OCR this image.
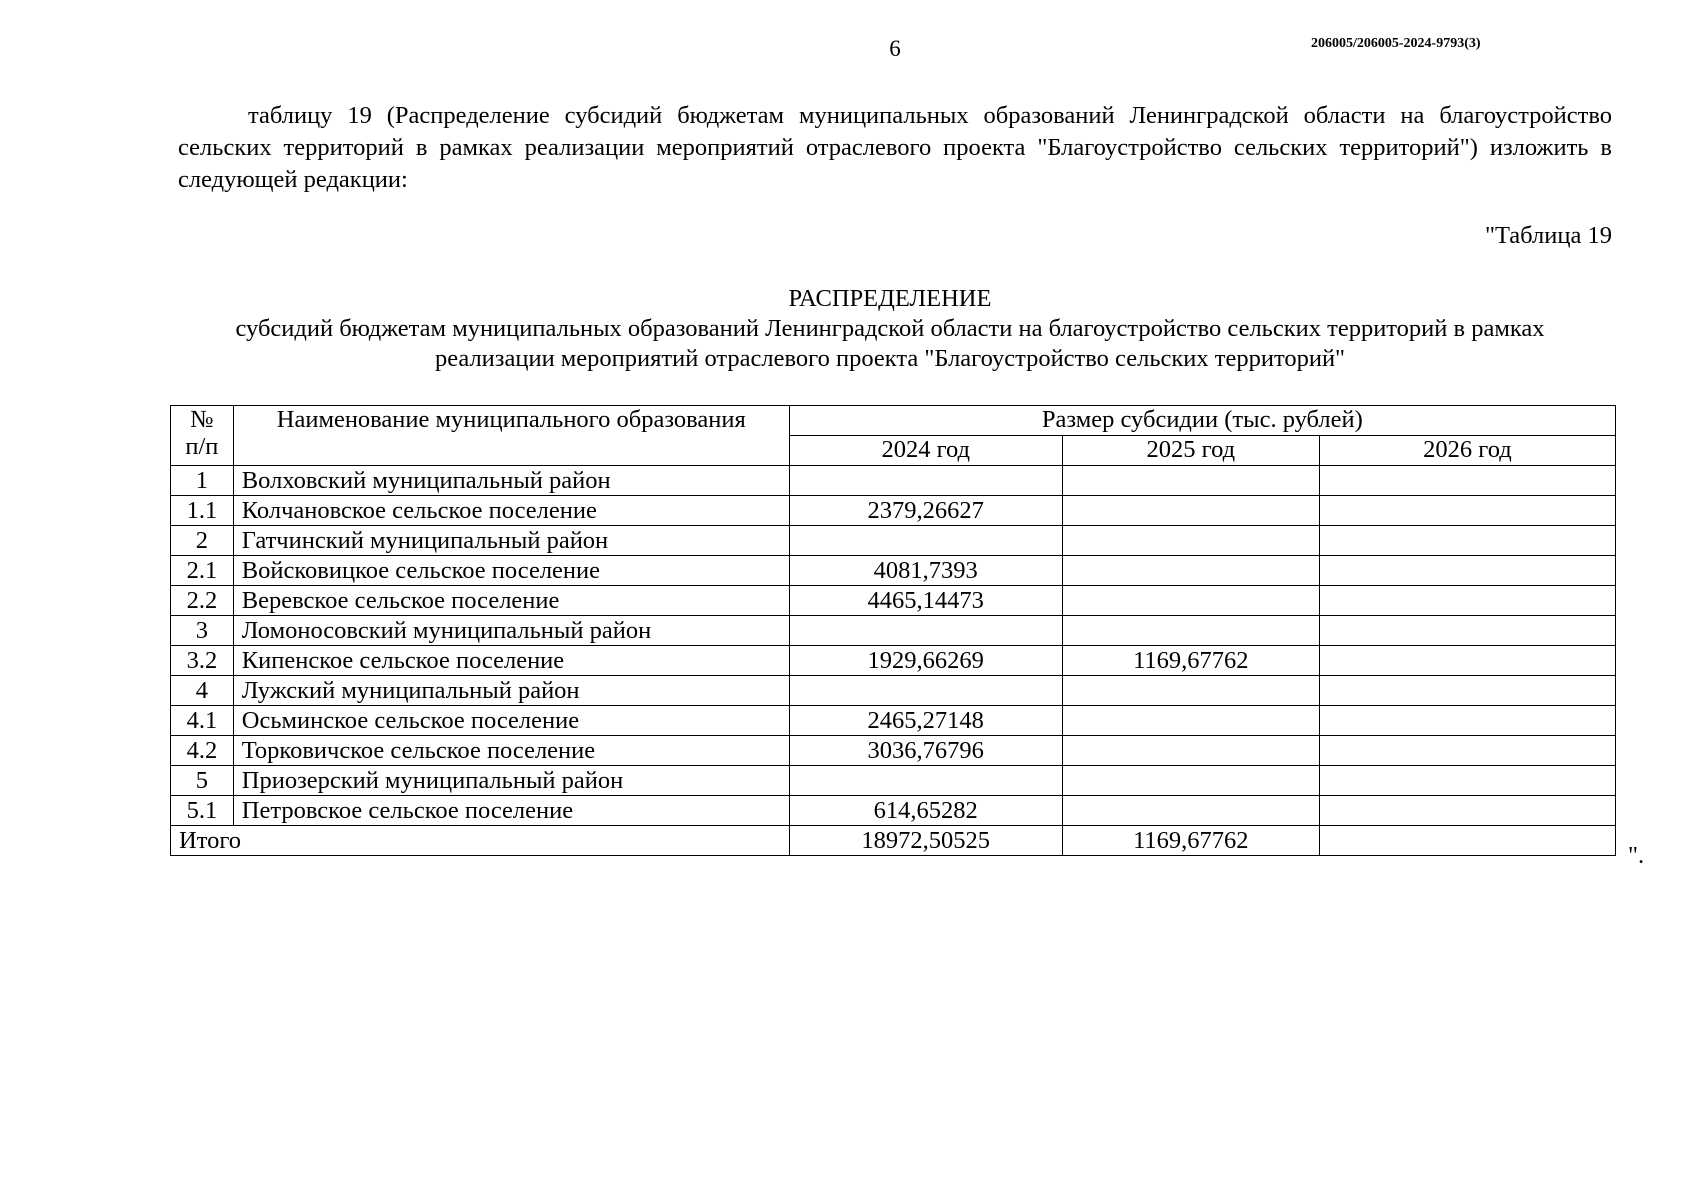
6	206005/206005-2024-9793(3)

таблицу 19 (Распределение субсидий бюджетам муниципальных образований Ленинградской области на благоустройство сельских территорий в рамках реализации мероприятий отраслевого проекта "Благоустройство сельских территорий") изложить в следующей редакции:

"Таблица 19
РАСПРЕДЕЛЕНИЕ
субсидий бюджетам муниципальных образований Ленинградской области на благоустройство сельских территорий в рамках реализации мероприятий отраслевого проекта "Благоустройство сельских территорий"
№
п/п	Наименование муниципального образования	Размер субсидии (тыс. рублей)		
		2024 год	2025 год	2026 год
1	Волховский муниципальный район			
1.1	Колчановское сельское поселение	2379,26627		
2	Гатчинский муниципальный район			
2.1	Войсковицкое сельское поселение	4081,7393		
2.2	Веревское сельское поселение	4465,14473		
3	Ломоносовский муниципальный район			
3.2	Кипенское сельское поселение	1929,66269	1169,67762	
4	Лужский муниципальный район			
4.1	Осьминское сельское поселение	2465,27148		
4.2	Торковичское сельское поселение	3036,76796		
5	Приозерский муниципальный район			
5.1	Петровское сельское поселение	614,65282		
Итого		18972,50525	1169,67762	
".
